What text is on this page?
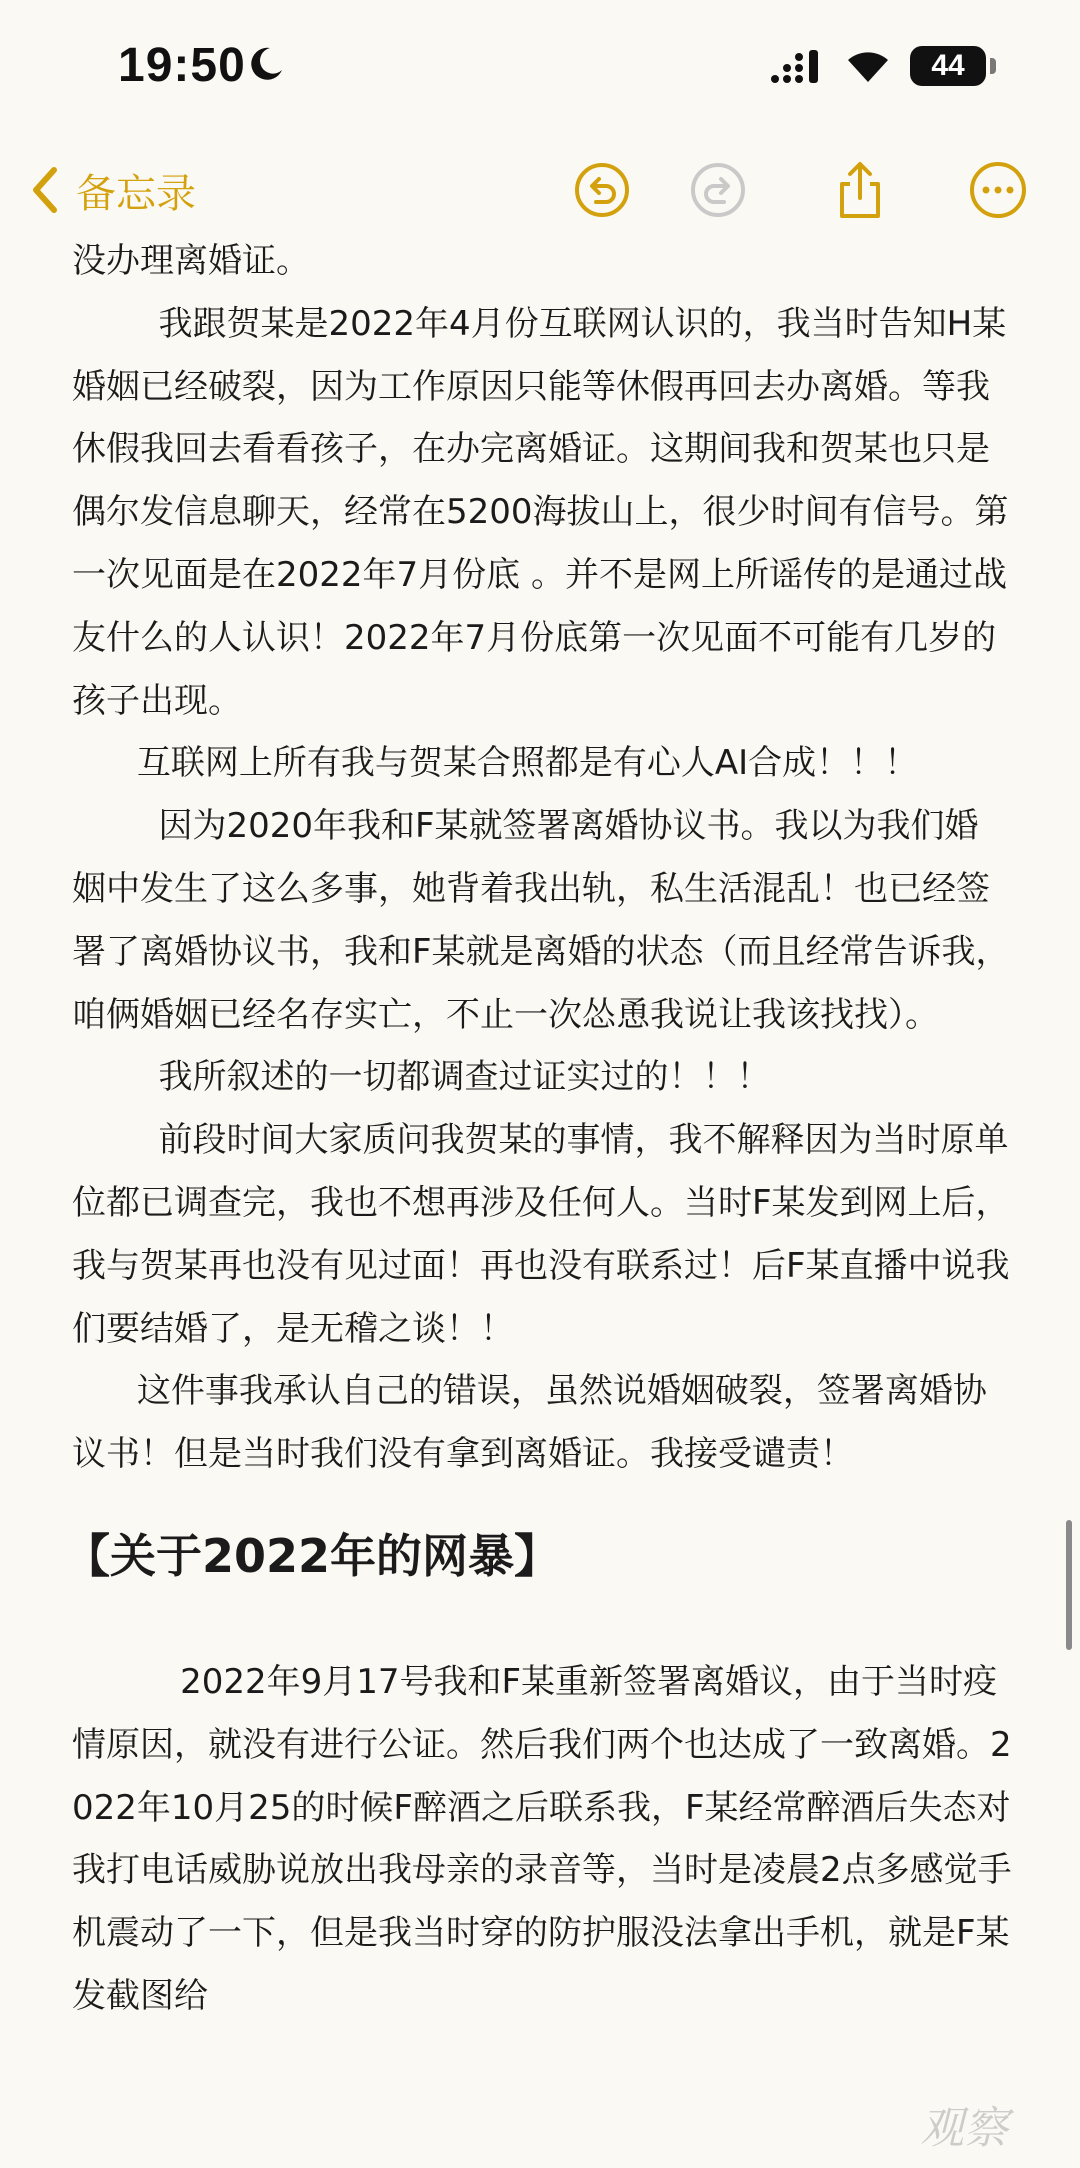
19:50	44
备忘录

没办理离婚证。

我跟贺某是2022年4月份互联网认识的，我当时告知H某婚姻已经破裂，因为工作原因只能等休假再回去办离婚。等我休假我回去看看孩子，在办完离婚证。这期间我和贺某也只是偶尔发信息聊天，经常在5200海拔山上，很少时间有信号。第一次见面是在2022年7月份底 。并不是网上所谣传的是通过战友什么的人认识！2022年7月份底第一次见面不可能有几岁的孩子出现。

互联网上所有我与贺某合照都是有心人AI合成！！！

因为2020年我和F某就签署离婚协议书。我以为我们婚姻中发生了这么多事，她背着我出轨，私生活混乱！也已经签署了离婚协议书，我和F某就是离婚的状态（而且经常告诉我，咱俩婚姻已经名存实亡，不止一次怂恿我说让我该找找）。

我所叙述的一切都调查过证实过的！！！

前段时间大家质问我贺某的事情，我不解释因为当时原单位都已调查完，我也不想再涉及任何人。当时F某发到网上后，我与贺某再也没有见过面！再也没有联系过！后F某直播中说我们要结婚了，是无稽之谈！！

这件事我承认自己的错误，虽然说婚姻破裂，签署离婚协议书！但是当时我们没有拿到离婚证。我接受谴责！

【关于2022年的网暴】

2022年9月17号我和F某重新签署离婚议，由于当时疫情原因，就没有进行公证。然后我们两个也达成了一致离婚。2022年10月25的时候F醉酒之后联系我，F某经常醉酒后失态对我打电话威胁说放出我母亲的录音等，当时是凌晨2点多感觉手机震动了一下，但是我当时穿的防护服没法拿出手机，就是F某发截图给

观察
